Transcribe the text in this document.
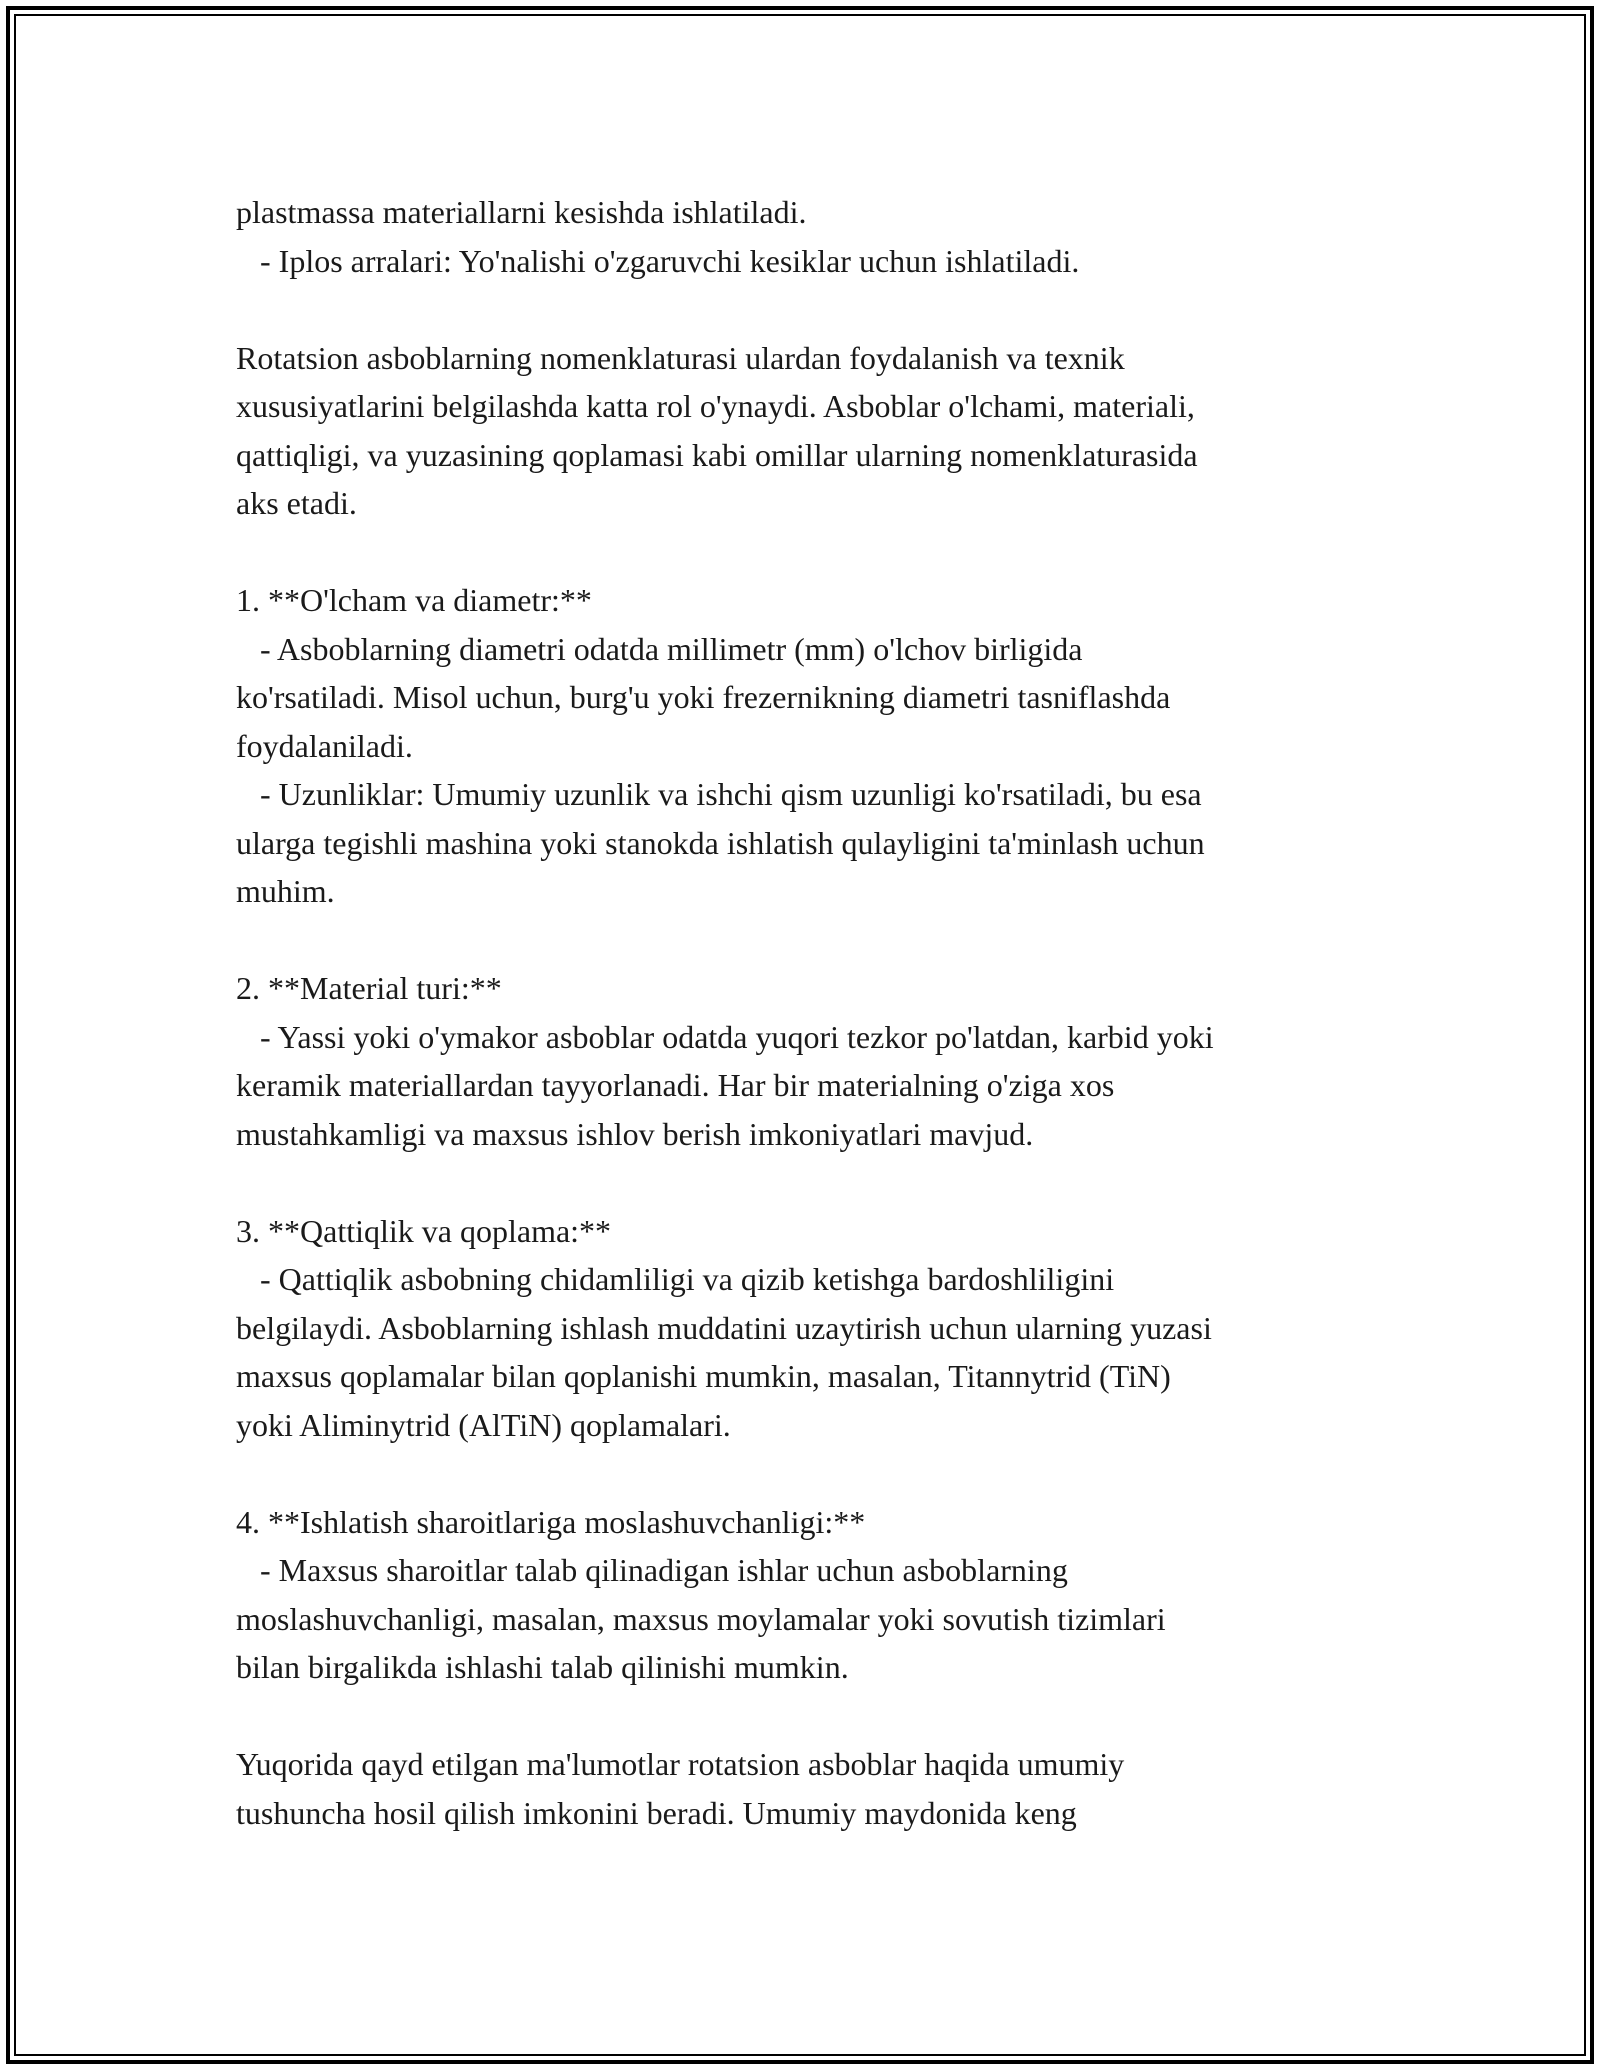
plastmassa materiallarni kesishda ishlatiladi.
- Iplos arralari: Yo'nalishi o'zgaruvchi kesiklar uchun ishlatiladi.
Rotatsion asboblarning nomenklaturasi ulardan foydalanish va texnik
xususiyatlarini belgilashda katta rol o'ynaydi. Asboblar o'lchami, materiali,
qattiqligi, va yuzasining qoplamasi kabi omillar ularning nomenklaturasida
aks etadi.
1. **O'lcham va diametr:**
- Asboblarning diametri odatda millimetr (mm) o'lchov birligida
ko'rsatiladi. Misol uchun, burg'u yoki frezernikning diametri tasniflashda
foydalaniladi.
- Uzunliklar: Umumiy uzunlik va ishchi qism uzunligi ko'rsatiladi, bu esa
ularga tegishli mashina yoki stanokda ishlatish qulayligini ta'minlash uchun
muhim.
2. **Material turi:**
- Yassi yoki o'ymakor asboblar odatda yuqori tezkor po'latdan, karbid yoki
keramik materiallardan tayyorlanadi. Har bir materialning o'ziga xos
mustahkamligi va maxsus ishlov berish imkoniyatlari mavjud.
3. **Qattiqlik va qoplama:**
- Qattiqlik asbobning chidamliligi va qizib ketishga bardoshliligini
belgilaydi. Asboblarning ishlash muddatini uzaytirish uchun ularning yuzasi
maxsus qoplamalar bilan qoplanishi mumkin, masalan, Titannytrid (TiN)
yoki Aliminytrid (AlTiN) qoplamalari.
4. **Ishlatish sharoitlariga moslashuvchanligi:**
- Maxsus sharoitlar talab qilinadigan ishlar uchun asboblarning
moslashuvchanligi, masalan, maxsus moylamalar yoki sovutish tizimlari
bilan birgalikda ishlashi talab qilinishi mumkin.
Yuqorida qayd etilgan ma'lumotlar rotatsion asboblar haqida umumiy
tushuncha hosil qilish imkonini beradi. Umumiy maydonida keng
